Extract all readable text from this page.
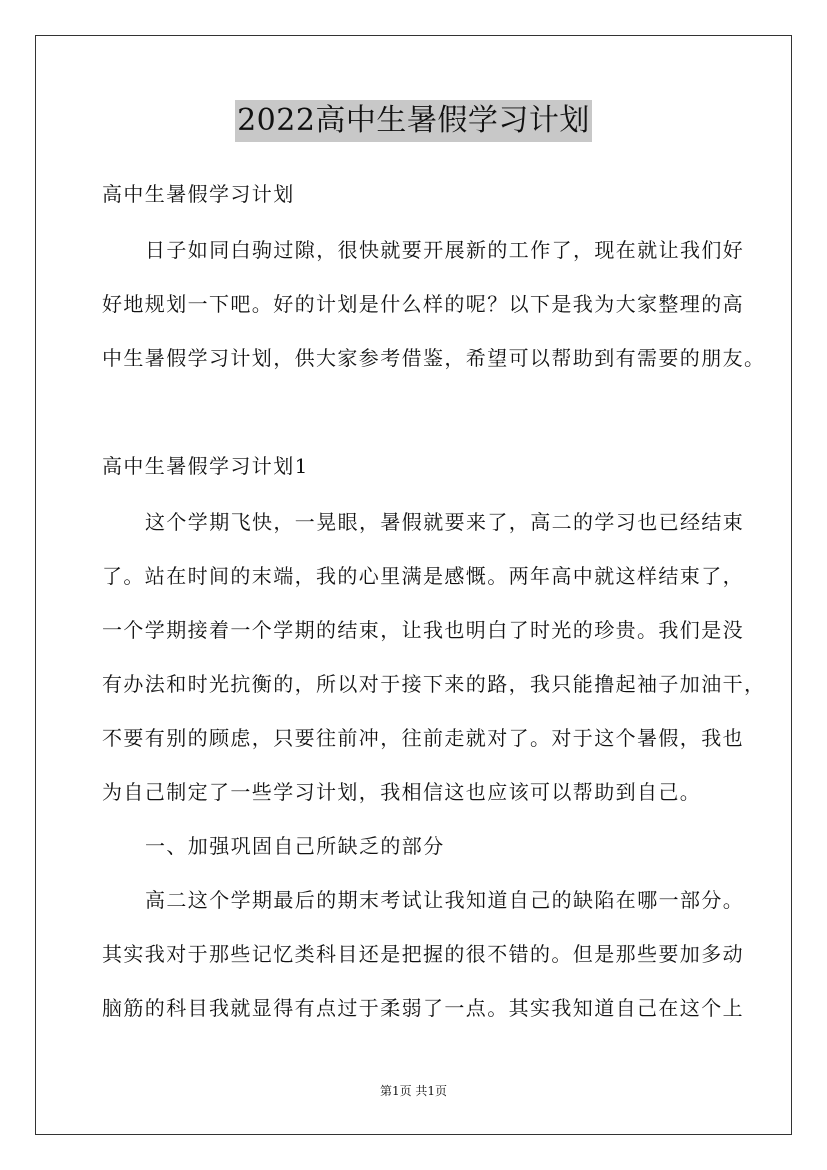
2022高中生暑假学习计划
高中生暑假学习计划
日子如同白驹过隙，很快就要开展新的工作了，现在就让我们好
好地规划一下吧。好的计划是什么样的呢？以下是我为大家整理的高
中生暑假学习计划，供大家参考借鉴，希望可以帮助到有需要的朋友。
高中生暑假学习计划1
这个学期飞快，一晃眼，暑假就要来了，高二的学习也已经结束
了。站在时间的末端，我的心里满是感慨。两年高中就这样结束了，
一个学期接着一个学期的结束，让我也明白了时光的珍贵。我们是没
有办法和时光抗衡的，所以对于接下来的路，我只能撸起袖子加油干，
不要有别的顾虑，只要往前冲，往前走就对了。对于这个暑假，我也
为自己制定了一些学习计划，我相信这也应该可以帮助到自己。
一、加强巩固自己所缺乏的部分
高二这个学期最后的期末考试让我知道自己的缺陷在哪一部分。
其实我对于那些记忆类科目还是把握的很不错的。但是那些要加多动
脑筋的科目我就显得有点过于柔弱了一点。其实我知道自己在这个上
第1页 共1页
